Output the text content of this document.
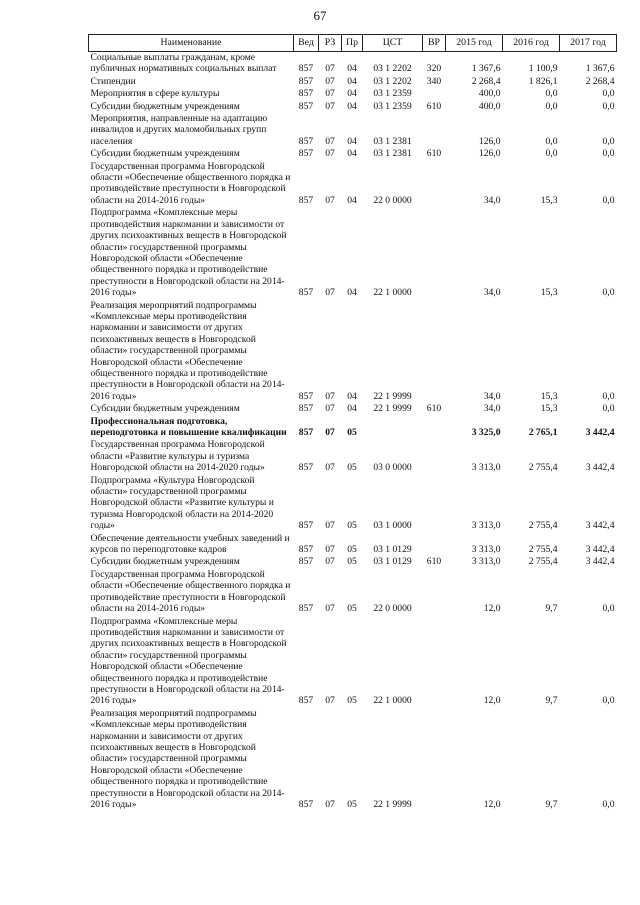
67
Наименование	Вед	РЗ	Пр	ЦСТ	ВР	2015 год	2016 год	2017 год
Социальные выплаты гражданам, кроме публичных нормативных социальных выплат	857	07	04	03 1 2202	320	1 367,6	1 100,9	1 367,6
Стипендии	857	07	04	03 1 2202	340	2 268,4	1 826,1	2 268,4
Мероприятия в сфере культуры	857	07	04	03 1 2359		400,0	0,0	0,0
Субсидии бюджетным учреждениям	857	07	04	03 1 2359	610	400,0	0,0	0,0
Мероприятия, направленные на адаптацию инвалидов и других маломобильных групп населения	857	07	04	03 1 2381		126,0	0,0	0,0
Субсидии бюджетным учреждениям	857	07	04	03 1 2381	610	126,0	0,0	0,0
Государственная программа Новгородской области «Обеспечение общественного порядка и противодействие преступности в Новгородской области на 2014-2016 годы»	857	07	04	22 0 0000		34,0	15,3	0,0
Подпрограмма «Комплексные меры противодействия наркомании и зависимости от других психоактивных веществ в Новгородской области» государственной программы Новгородской области «Обеспечение общественного порядка и противодействие преступности в Новгородской области на 2014-2016 годы»	857	07	04	22 1 0000		34,0	15,3	0,0
Реализация мероприятий подпрограммы «Комплексные меры противодействия наркомании и зависимости от других психоактивных веществ в Новгородской области» государственной программы Новгородской области «Обеспечение общественного порядка и противодействие преступности в Новгородской области на 2014-2016 годы»	857	07	04	22 1 9999		34,0	15,3	0,0
Субсидии бюджетным учреждениям	857	07	04	22 1 9999	610	34,0	15,3	0,0
Профессиональная подготовка, переподготовка и повышение квалификации	857	07	05			3 325,0	2 765,1	3 442,4
Государственная программа Новгородской области «Развитие культуры и туризма Новгородской области на 2014-2020 годы»	857	07	05	03 0 0000		3 313,0	2 755,4	3 442,4
Подпрограмма «Культура Новгородской области» государственной программы Новгородской области «Развитие культуры и туризма Новгородской области на 2014-2020 годы»	857	07	05	03 1 0000		3 313,0	2 755,4	3 442,4
Обеспечение деятельности учебных заведений и курсов по переподготовке кадров	857	07	05	03 1 0129		3 313,0	2 755,4	3 442,4
Субсидии бюджетным учреждениям	857	07	05	03 1 0129	610	3 313,0	2 755,4	3 442,4
Государственная программа Новгородской области «Обеспечение общественного порядка и противодействие преступности в Новгородской области на 2014-2016 годы»	857	07	05	22 0 0000		12,0	9,7	0,0
Подпрограмма «Комплексные меры противодействия наркомании и зависимости от других психоактивных веществ в Новгородской области» государственной программы Новгородской области «Обеспечение общественного порядка и противодействие преступности в Новгородской области на 2014-2016 годы»	857	07	05	22 1 0000		12,0	9,7	0,0
Реализация мероприятий подпрограммы «Комплексные меры противодействия наркомании и зависимости от других психоактивных веществ в Новгородской области» государственной программы Новгородской области «Обеспечение общественного порядка и противодействие преступности в Новгородской области на 2014-2016 годы»	857	07	05	22 1 9999		12,0	9,7	0,0
